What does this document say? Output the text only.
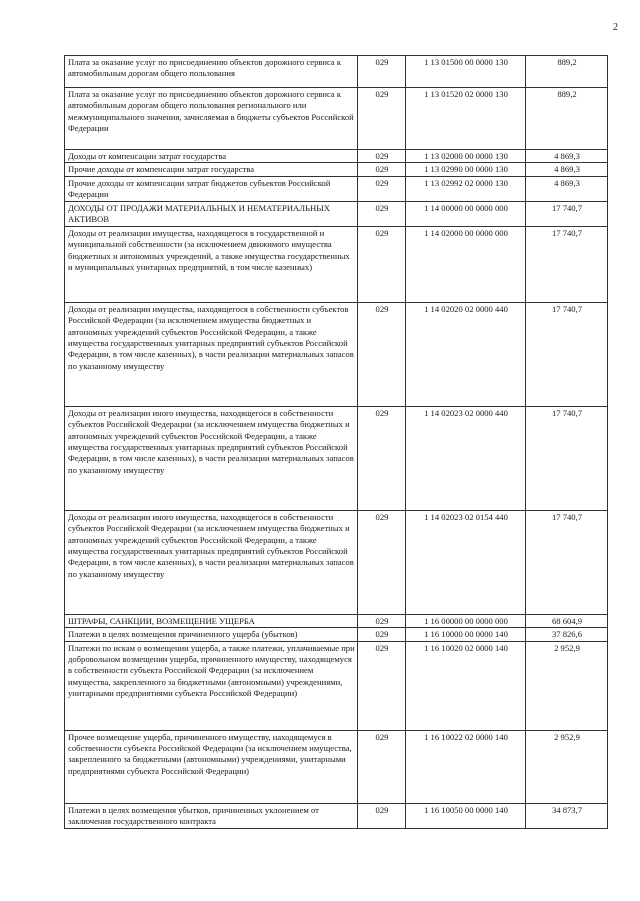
2
Плата за оказание услуг по присоединению объектов дорожного сервиса к автомобильным дорогам общего пользования	029	1 13 01500 00 0000 130	889,2
Плата за оказание услуг по присоединению объектов дорожного сервиса к автомобильным дорогам общего пользования регионального или межмуниципального значения, зачисляемая в бюджеты субъектов Российской Федерации	029	1 13 01520 02 0000 130	889,2
Доходы от компенсации затрат государства	029	1 13 02000 00 0000 130	4 869,3
Прочие доходы от компенсации затрат государства	029	1 13 02990 00 0000 130	4 869,3
Прочие доходы от компенсации затрат бюджетов субъектов Российской Федерации	029	1 13 02992 02 0000 130	4 869,3
ДОХОДЫ ОТ ПРОДАЖИ МАТЕРИАЛЬНЫХ И НЕМАТЕРИАЛЬНЫХ АКТИВОВ	029	1 14 00000 00 0000 000	17 740,7
Доходы от реализации имущества, находящегося в государственной и муниципальной собственности (за исключением движимого имущества бюджетных и автономных учреждений, а также имущества государственных и муниципальных унитарных предприятий, в том числе казенных)	029	1 14 02000 00 0000 000	17 740,7
Доходы от реализации имущества, находящегося в собственности субъектов Российской Федерации (за исключением имущества бюджетных и автономных учреждений субъектов Российской Федерации, а также имущества государственных унитарных предприятий субъектов Российской Федерации, в том числе казенных), в части реализации материальных запасов по указанному имуществу	029	1 14 02020 02 0000 440	17 740,7
Доходы от реализации иного имущества, находящегося в собственности субъектов Российской Федерации (за исключением имущества бюджетных и автономных учреждений субъектов Российской Федерации, а также имущества государственных унитарных предприятий субъектов Российской Федерации, в том числе казенных), в части реализации материальных запасов по указанному имуществу	029	1 14 02023 02 0000 440	17 740,7
Доходы от реализации иного имущества, находящегося в собственности субъектов Российской Федерации (за исключением имущества бюджетных и автономных учреждений субъектов Российской Федерации, а также имущества государственных унитарных предприятий субъектов Российской Федерации, в том числе казенных), в части реализации материальных запасов по указанному имуществу	029	1 14 02023 02 0154 440	17 740,7
ШТРАФЫ, САНКЦИИ, ВОЗМЕЩЕНИЕ УЩЕРБА	029	1 16 00000 00 0000 000	68 604,9
Платежи в целях возмещения причиненного ущерба (убытков)	029	1 16 10000 00 0000 140	37 826,6
Платежи по искам о возмещении ущерба, а также платежи, уплачиваемые при добровольном возмещении ущерба, причиненного имуществу, находящемуся в собственности субъекта Российской Федерации (за исключением имущества, закрепленного за бюджетными (автономными) учреждениями, унитарными предприятиями субъекта Российской Федерации)	029	1 16 10020 02 0000 140	2 952,9
Прочее возмещение ущерба, причиненного имуществу, находящемуся в собственности субъекта Российской Федерации (за исключением имущества, закрепленного за бюджетными (автономными) учреждениями, унитарными предприятиями субъекта Российской Федерации)	029	1 16 10022 02 0000 140	2 952,9
Платежи в целях возмещения убытков, причиненных уклонением от заключения государственного контракта	029	1 16 10050 00 0000 140	34 873,7
